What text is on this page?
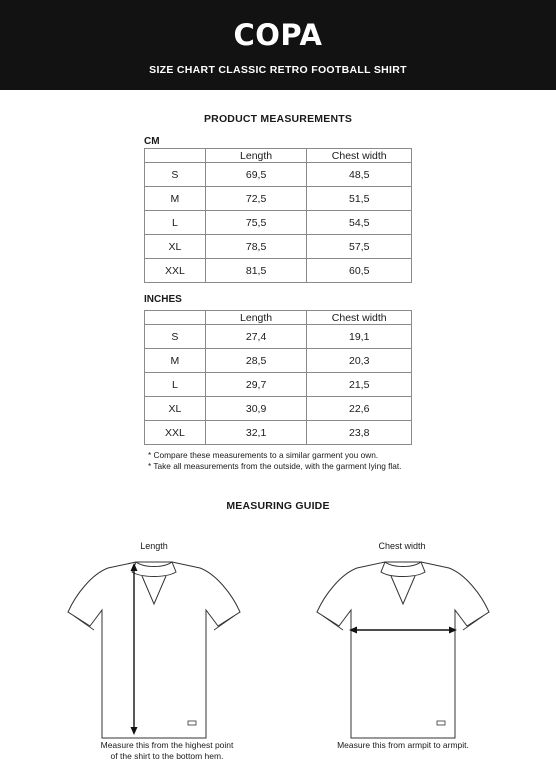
COPA
SIZE CHART CLASSIC RETRO FOOTBALL SHIRT
PRODUCT MEASUREMENTS
CM
	Length	Chest width
S	69,5	48,5
M	72,5	51,5
L	75,5	54,5
XL	78,5	57,5
XXL	81,5	60,5
INCHES
	Length	Chest width
S	27,4	19,1
M	28,5	20,3
L	29,7	21,5
XL	30,9	22,6
XXL	32,1	23,8
* Compare these measurements to a similar garment you own.
* Take all measurements from the outside, with the garment lying flat.
MEASURING GUIDE
Length
Measure this from the highest point
of the shirt to the bottom hem.
Chest width
Measure this from armpit to armpit.
